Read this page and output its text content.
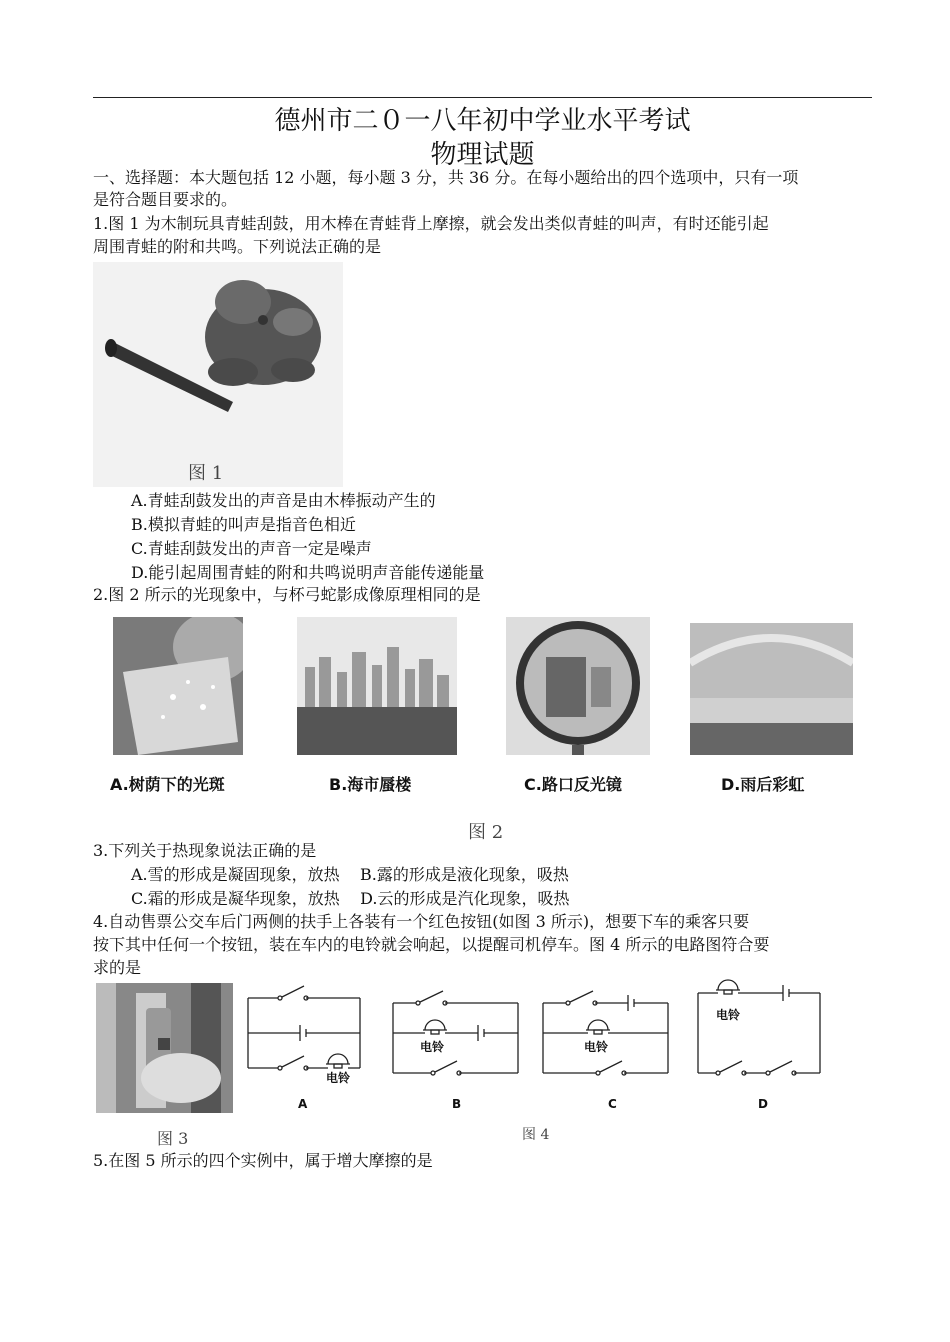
德州市二０一八年初中学业水平考试
物理试题
一、选择题：本大题包括 12 小题，每小题 3 分，共 36 分。在每小题给出的四个选项中，只有一项
是符合题目要求的。
1.图 1 为木制玩具青蛙刮鼓，用木棒在青蛙背上摩擦，就会发出类似青蛙的叫声，有时还能引起
周围青蛙的附和共鸣。下列说法正确的是
图 1
A.青蛙刮鼓发出的声音是由木棒振动产生的
B.模拟青蛙的叫声是指音色相近
C.青蛙刮鼓发出的声音一定是噪声
D.能引起周围青蛙的附和共鸣说明声音能传递能量
2.图 2 所示的光现象中，与杯弓蛇影成像原理相同的是
A.树荫下的光斑	B.海市蜃楼	C.路口反光镜	D.雨后彩虹
图 2
3.下列关于热现象说法正确的是
A.雪的形成是凝固现象，放热    B.露的形成是液化现象，吸热
C.霜的形成是凝华现象，放热    D.云的形成是汽化现象，吸热
4.自动售票公交车后门两侧的扶手上各装有一个红色按钮(如图 3 所示)，想要下车的乘客只要
按下其中任何一个按钮，装在车内的电铃就会响起，以提醒司机停车。图 4 所示的电路图符合要
求的是
图 3
电铃
A
电铃
B
电铃
C
电铃
D
图 4
5.在图 5 所示的四个实例中，属于增大摩擦的是
